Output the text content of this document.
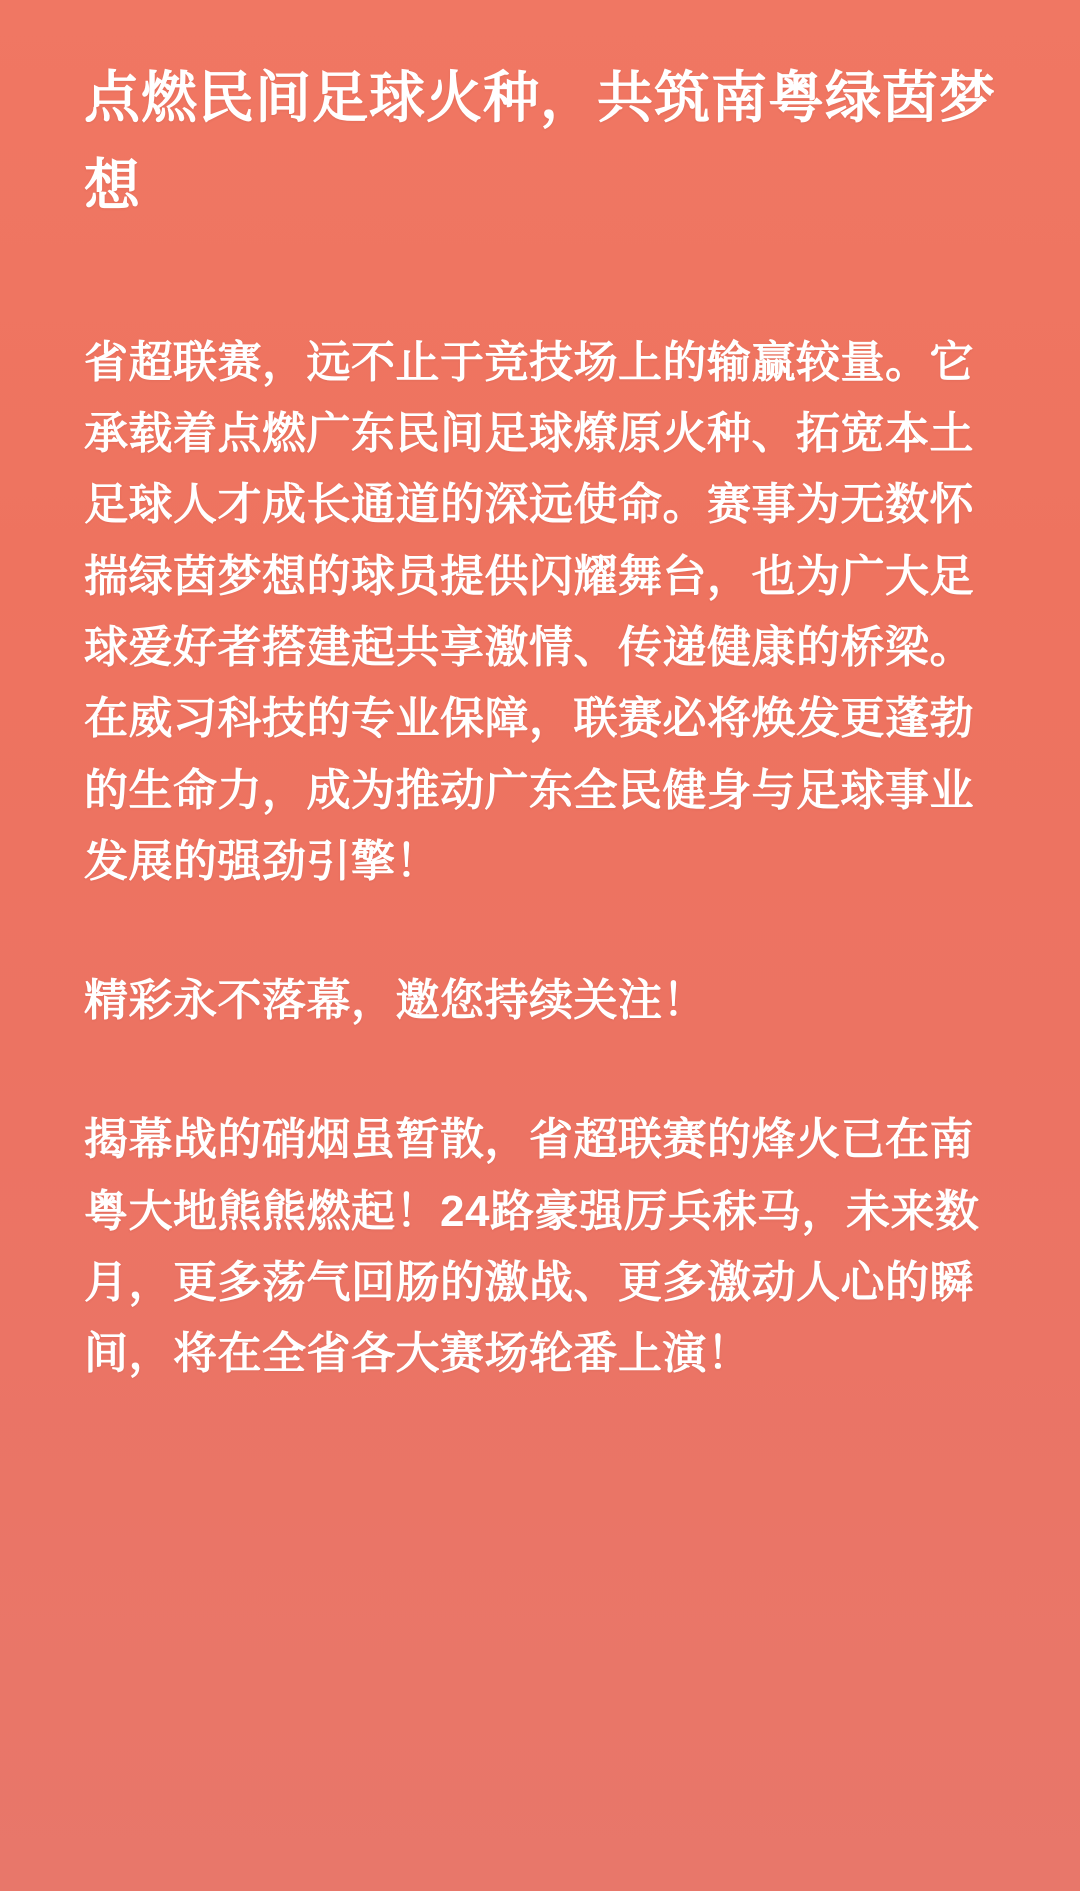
点燃民间足球火种，共筑南粤绿茵梦想

省超联赛，远不止于竞技场上的输赢较量。它承载着点燃广东民间足球燎原火种、拓宽本土足球人才成长通道的深远使命。赛事为无数怀揣绿茵梦想的球员提供闪耀舞台，也为广大足球爱好者搭建起共享激情、传递健康的桥梁。在威习科技的专业保障，联赛必将焕发更蓬勃的生命力，成为推动广东全民健身与足球事业发展的强劲引擎！

精彩永不落幕，邀您持续关注！

揭幕战的硝烟虽暂散，省超联赛的烽火已在南粤大地熊熊燃起！24路豪强厉兵秣马，未来数月，更多荡气回肠的激战、更多激动人心的瞬间，将在全省各大赛场轮番上演！
